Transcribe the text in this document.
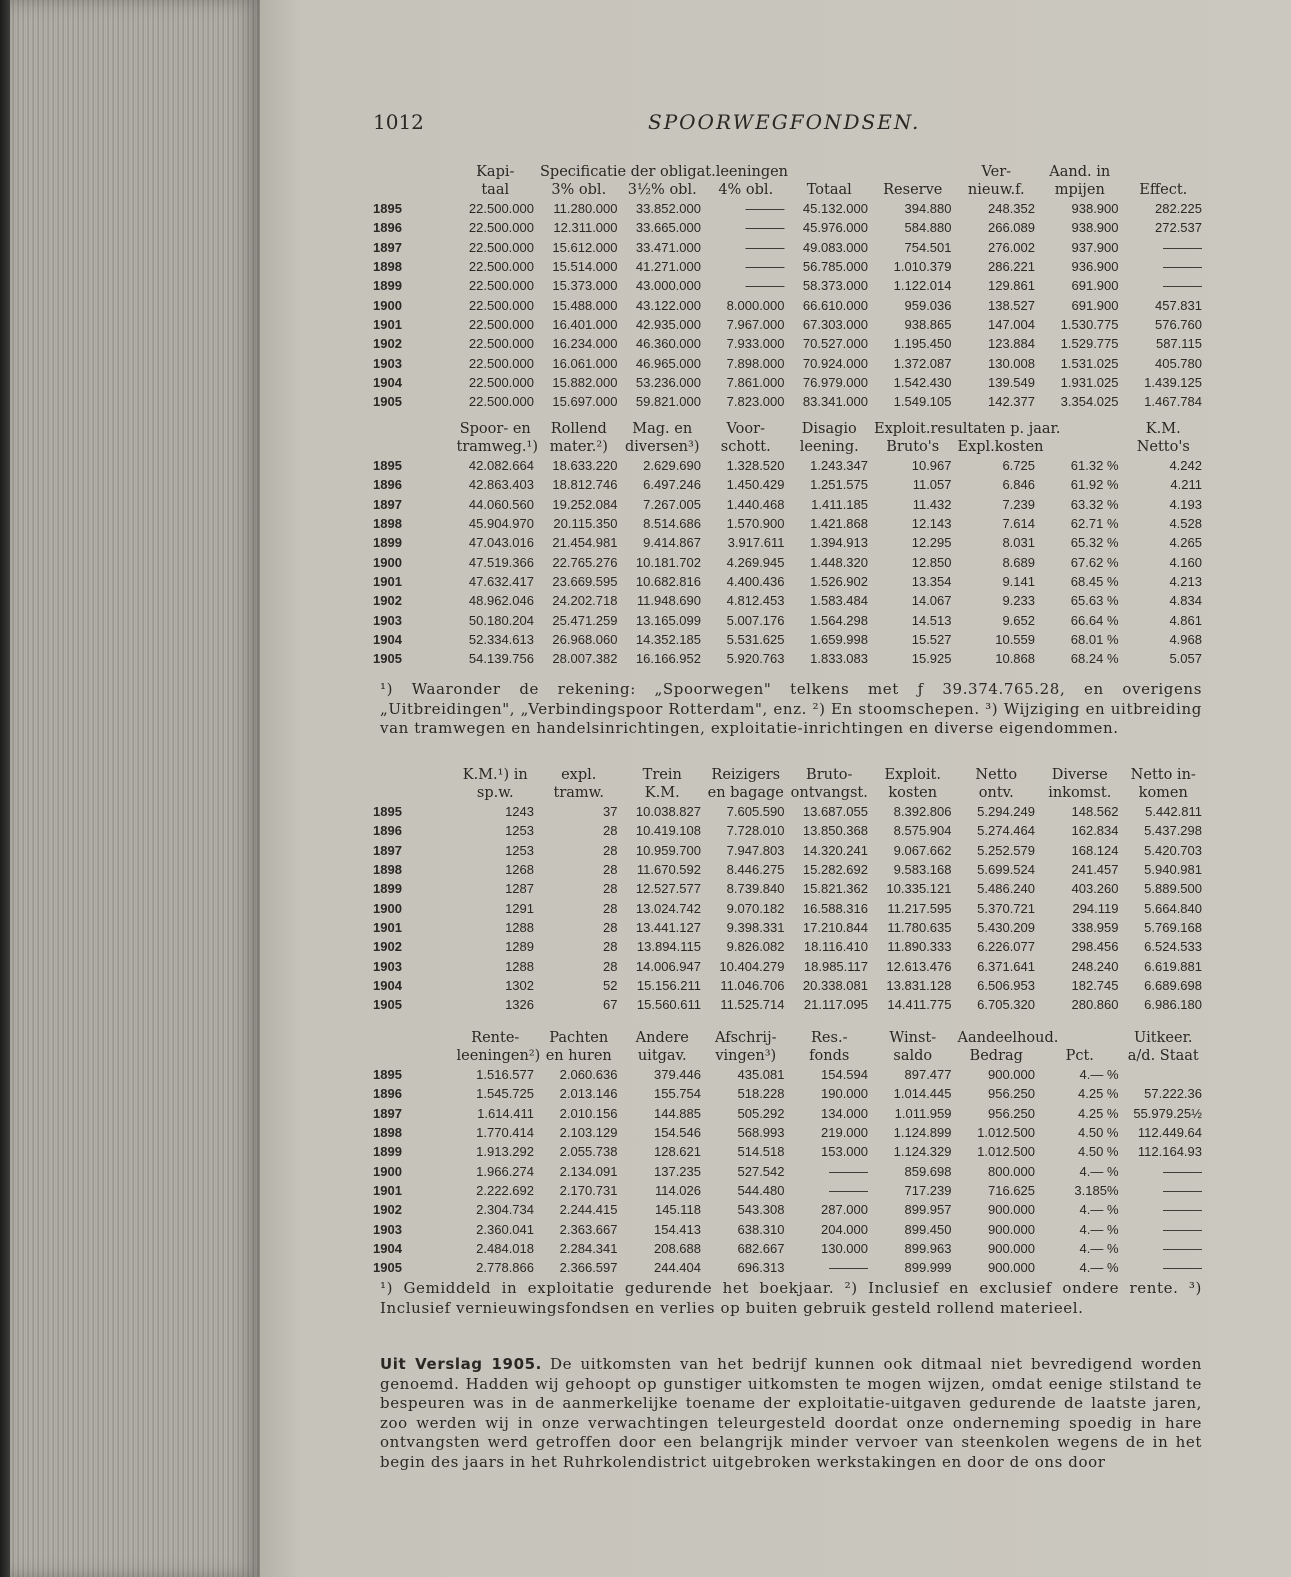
1012	SPOORWEGFONDSEN.
	Kapi-	Specificatie der obligat.leeningen					Ver-	Aand. in	
	taal	3% obl.	3½% obl.	4% obl.	Totaal	Reserve	nieuw.f.	mpijen	Effect.
1895	22.500.000	11.280.000	33.852.000	———	45.132.000	394.880	248.352	938.900	282.225
1896	22.500.000	12.311.000	33.665.000	———	45.976.000	584.880	266.089	938.900	272.537
1897	22.500.000	15.612.000	33.471.000	———	49.083.000	754.501	276.002	937.900	———
1898	22.500.000	15.514.000	41.271.000	———	56.785.000	1.010.379	286.221	936.900	———
1899	22.500.000	15.373.000	43.000.000	———	58.373.000	1.122.014	129.861	691.900	———
1900	22.500.000	15.488.000	43.122.000	8.000.000	66.610.000	959.036	138.527	691.900	457.831
1901	22.500.000	16.401.000	42.935.000	7.967.000	67.303.000	938.865	147.004	1.530.775	576.760
1902	22.500.000	16.234.000	46.360.000	7.933.000	70.527.000	1.195.450	123.884	1.529.775	587.115
1903	22.500.000	16.061.000	46.965.000	7.898.000	70.924.000	1.372.087	130.008	1.531.025	405.780
1904	22.500.000	15.882.000	53.236.000	7.861.000	76.979.000	1.542.430	139.549	1.931.025	1.439.125
1905	22.500.000	15.697.000	59.821.000	7.823.000	83.341.000	1.549.105	142.377	3.354.025	1.467.784
	Spoor- en	Rollend	Mag. en	Voor-	Disagio	Exploit.resultaten p. jaar.			K.M.
	tramweg.¹)	mater.²)	diversen³)	schott.	leening.	Bruto's	Expl.kosten		Netto's
1895	42.082.664	18.633.220	2.629.690	1.328.520	1.243.347	10.967	6.725	61.32 %	4.242
1896	42.863.403	18.812.746	6.497.246	1.450.429	1.251.575	11.057	6.846	61.92 %	4.211
1897	44.060.560	19.252.084	7.267.005	1.440.468	1.411.185	11.432	7.239	63.32 %	4.193
1898	45.904.970	20.115.350	8.514.686	1.570.900	1.421.868	12.143	7.614	62.71 %	4.528
1899	47.043.016	21.454.981	9.414.867	3.917.611	1.394.913	12.295	8.031	65.32 %	4.265
1900	47.519.366	22.765.276	10.181.702	4.269.945	1.448.320	12.850	8.689	67.62 %	4.160
1901	47.632.417	23.669.595	10.682.816	4.400.436	1.526.902	13.354	9.141	68.45 %	4.213
1902	48.962.046	24.202.718	11.948.690	4.812.453	1.583.484	14.067	9.233	65.63 %	4.834
1903	50.180.204	25.471.259	13.165.099	5.007.176	1.564.298	14.513	9.652	66.64 %	4.861
1904	52.334.613	26.968.060	14.352.185	5.531.625	1.659.998	15.527	10.559	68.01 %	4.968
1905	54.139.756	28.007.382	16.166.952	5.920.763	1.833.083	15.925	10.868	68.24 %	5.057
¹) Waaronder de rekening: „Spoorwegen" telkens met ƒ 39.374.765.28, en overigens „Uitbreidingen", „Verbindingspoor Rotterdam", enz. ²) En stoomschepen. ³) Wijziging en uitbreiding van tramwegen en handelsinrichtingen, exploitatie-inrichtingen en diverse eigendommen.
	K.M.¹) in	expl.	Trein	Reizigers	Bruto-	Exploit.	Netto	Diverse	Netto in-
	sp.w.	tramw.	K.M.	en bagage	ontvangst.	kosten	ontv.	inkomst.	komen
1895	1243	37	10.038.827	7.605.590	13.687.055	8.392.806	5.294.249	148.562	5.442.811
1896	1253	28	10.419.108	7.728.010	13.850.368	8.575.904	5.274.464	162.834	5.437.298
1897	1253	28	10.959.700	7.947.803	14.320.241	9.067.662	5.252.579	168.124	5.420.703
1898	1268	28	11.670.592	8.446.275	15.282.692	9.583.168	5.699.524	241.457	5.940.981
1899	1287	28	12.527.577	8.739.840	15.821.362	10.335.121	5.486.240	403.260	5.889.500
1900	1291	28	13.024.742	9.070.182	16.588.316	11.217.595	5.370.721	294.119	5.664.840
1901	1288	28	13.441.127	9.398.331	17.210.844	11.780.635	5.430.209	338.959	5.769.168
1902	1289	28	13.894.115	9.826.082	18.116.410	11.890.333	6.226.077	298.456	6.524.533
1903	1288	28	14.006.947	10.404.279	18.985.117	12.613.476	6.371.641	248.240	6.619.881
1904	1302	52	15.156.211	11.046.706	20.338.081	13.831.128	6.506.953	182.745	6.689.698
1905	1326	67	15.560.611	11.525.714	21.117.095	14.411.775	6.705.320	280.860	6.986.180
	Rente-	Pachten	Andere	Afschrij-	Res.-	Winst-	Aandeelhoud.		Uitkeer.
	leeningen²)	en huren	uitgav.	vingen³)	fonds	saldo	Bedrag	Pct.	a/d. Staat
1895	1.516.577	2.060.636	379.446	435.081	154.594	897.477	900.000	4.— %	
1896	1.545.725	2.013.146	155.754	518.228	190.000	1.014.445	956.250	4.25 %	57.222.36
1897	1.614.411	2.010.156	144.885	505.292	134.000	1.011.959	956.250	4.25 %	55.979.25½
1898	1.770.414	2.103.129	154.546	568.993	219.000	1.124.899	1.012.500	4.50 %	112.449.64
1899	1.913.292	2.055.738	128.621	514.518	153.000	1.124.329	1.012.500	4.50 %	112.164.93
1900	1.966.274	2.134.091	137.235	527.542	———	859.698	800.000	4.— %	———
1901	2.222.692	2.170.731	114.026	544.480	———	717.239	716.625	3.185%	———
1902	2.304.734	2.244.415	145.118	543.308	287.000	899.957	900.000	4.— %	———
1903	2.360.041	2.363.667	154.413	638.310	204.000	899.450	900.000	4.— %	———
1904	2.484.018	2.284.341	208.688	682.667	130.000	899.963	900.000	4.— %	———
1905	2.778.866	2.366.597	244.404	696.313	———	899.999	900.000	4.— %	———
¹) Gemiddeld in exploitatie gedurende het boekjaar. ²) Inclusief en exclusief ondere rente. ³) Inclusief vernieuwingsfondsen en verlies op buiten gebruik gesteld rollend materieel.
Uit Verslag 1905. De uitkomsten van het bedrijf kunnen ook ditmaal niet bevredigend worden genoemd. Hadden wij gehoopt op gunstiger uitkomsten te mogen wijzen, omdat eenige stilstand te bespeuren was in de aanmerkelijke toename der exploitatie-uitgaven gedurende de laatste jaren, zoo werden wij in onze verwachtingen teleurgesteld doordat onze onderneming spoedig in hare ontvangsten werd getroffen door een belangrijk minder vervoer van steenkolen wegens de in het begin des jaars in het Ruhrkolendistrict uitgebroken werkstakingen en door de ons door
